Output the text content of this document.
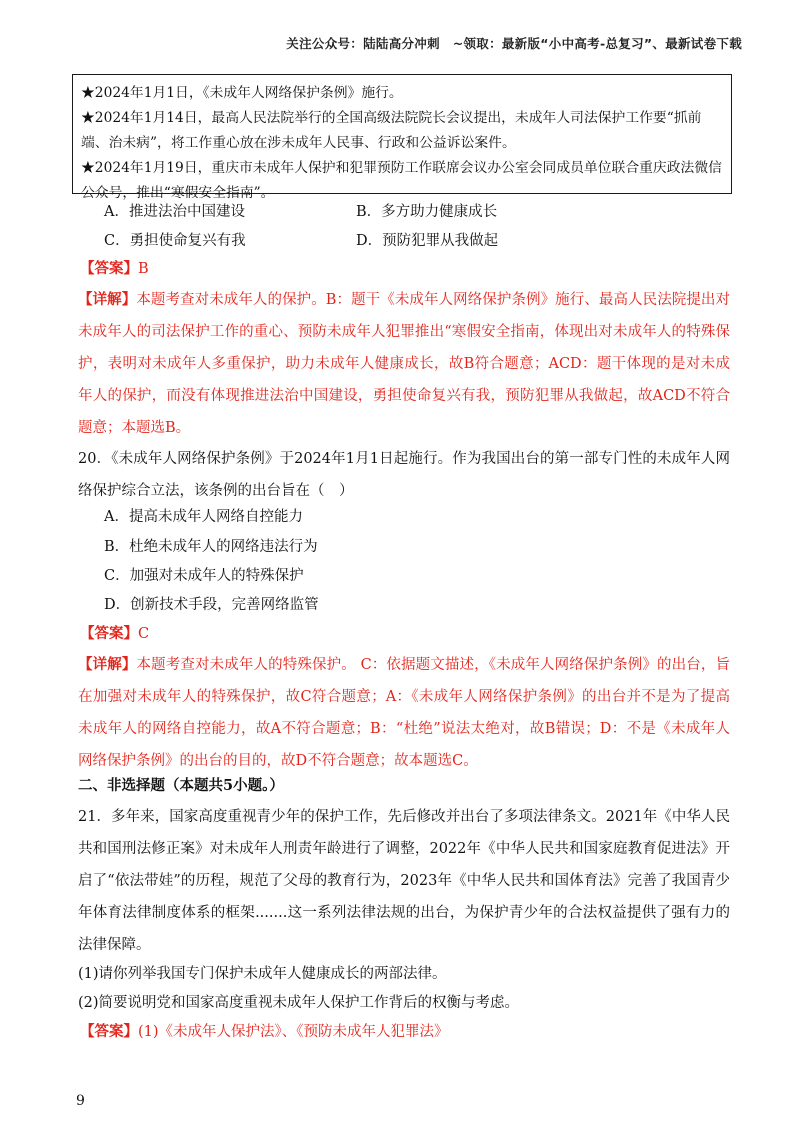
关注公众号：陆陆高分冲刺　~领取：最新版“小中高考-总复习”、最新试卷下载

★2024年1月1日，《未成年人网络保护条例》施行。

★2024年1月14日，最高人民法院举行的全国高级法院院长会议提出，未成年人司法保护工作要“抓前端、治未病”，将工作重心放在涉未成年人民事、行政和公益诉讼案件。

★2024年1月19日，重庆市未成年人保护和犯罪预防工作联席会议办公室会同成员单位联合重庆政法微信公众号，推出“寒假安全指南”。

A．推进法治中国建设	B．多方助力健康成长
C．勇担使命复兴有我	D．预防犯罪从我做起
【答案】B
【详解】本题考查对未成年人的保护。B：题干《未成年人网络保护条例》施行、最高人民法院提出对未成年人的司法保护工作的重心、预防未成年人犯罪推出“寒假安全指南，体现出对未成年人的特殊保护，表明对未成年人多重保护，助力未成年人健康成长，故B符合题意；ACD：题干体现的是对未成年人的保护，而没有体现推进法治中国建设，勇担使命复兴有我，预防犯罪从我做起，故ACD不符合题意；本题选B。
20．《未成年人网络保护条例》于2024年1月1日起施行。作为我国出台的第一部专门性的未成年人网络保护综合立法，该条例的出台旨在（　）
A．提高未成年人网络自控能力
B．杜绝未成年人的网络违法行为
C．加强对未成年人的特殊保护
D．创新技术手段，完善网络监管
【答案】C
【详解】本题考查对未成年人的特殊保护。 C：依据题文描述，《未成年人网络保护条例》的出台，旨在加强对未成年人的特殊保护，故C符合题意；A：《未成年人网络保护条例》的出台并不是为了提高未成年人的网络自控能力，故A不符合题意；B：“杜绝”说法太绝对，故B错误；D：不是《未成年人网络保护条例》的出台的目的，故D不符合题意；故本题选C。
二、非选择题（本题共5小题。）
21．多年来，国家高度重视青少年的保护工作，先后修改并出台了多项法律条文。2021年《中华人民共和国刑法修正案》对未成年人刑责年龄进行了调整，2022年《中华人民共和国家庭教育促进法》开启了“依法带娃”的历程，规范了父母的教育行为，2023年《中华人民共和国体育法》完善了我国青少年体育法律制度体系的框架.......这一系列法律法规的出台，为保护青少年的合法权益提供了强有力的法律保障。
(1)请你列举我国专门保护未成年人健康成长的两部法律。
(2)简要说明党和国家高度重视未成年人保护工作背后的权衡与考虑。
【答案】(1)《未成年人保护法》、《预防未成年人犯罪法》
9
